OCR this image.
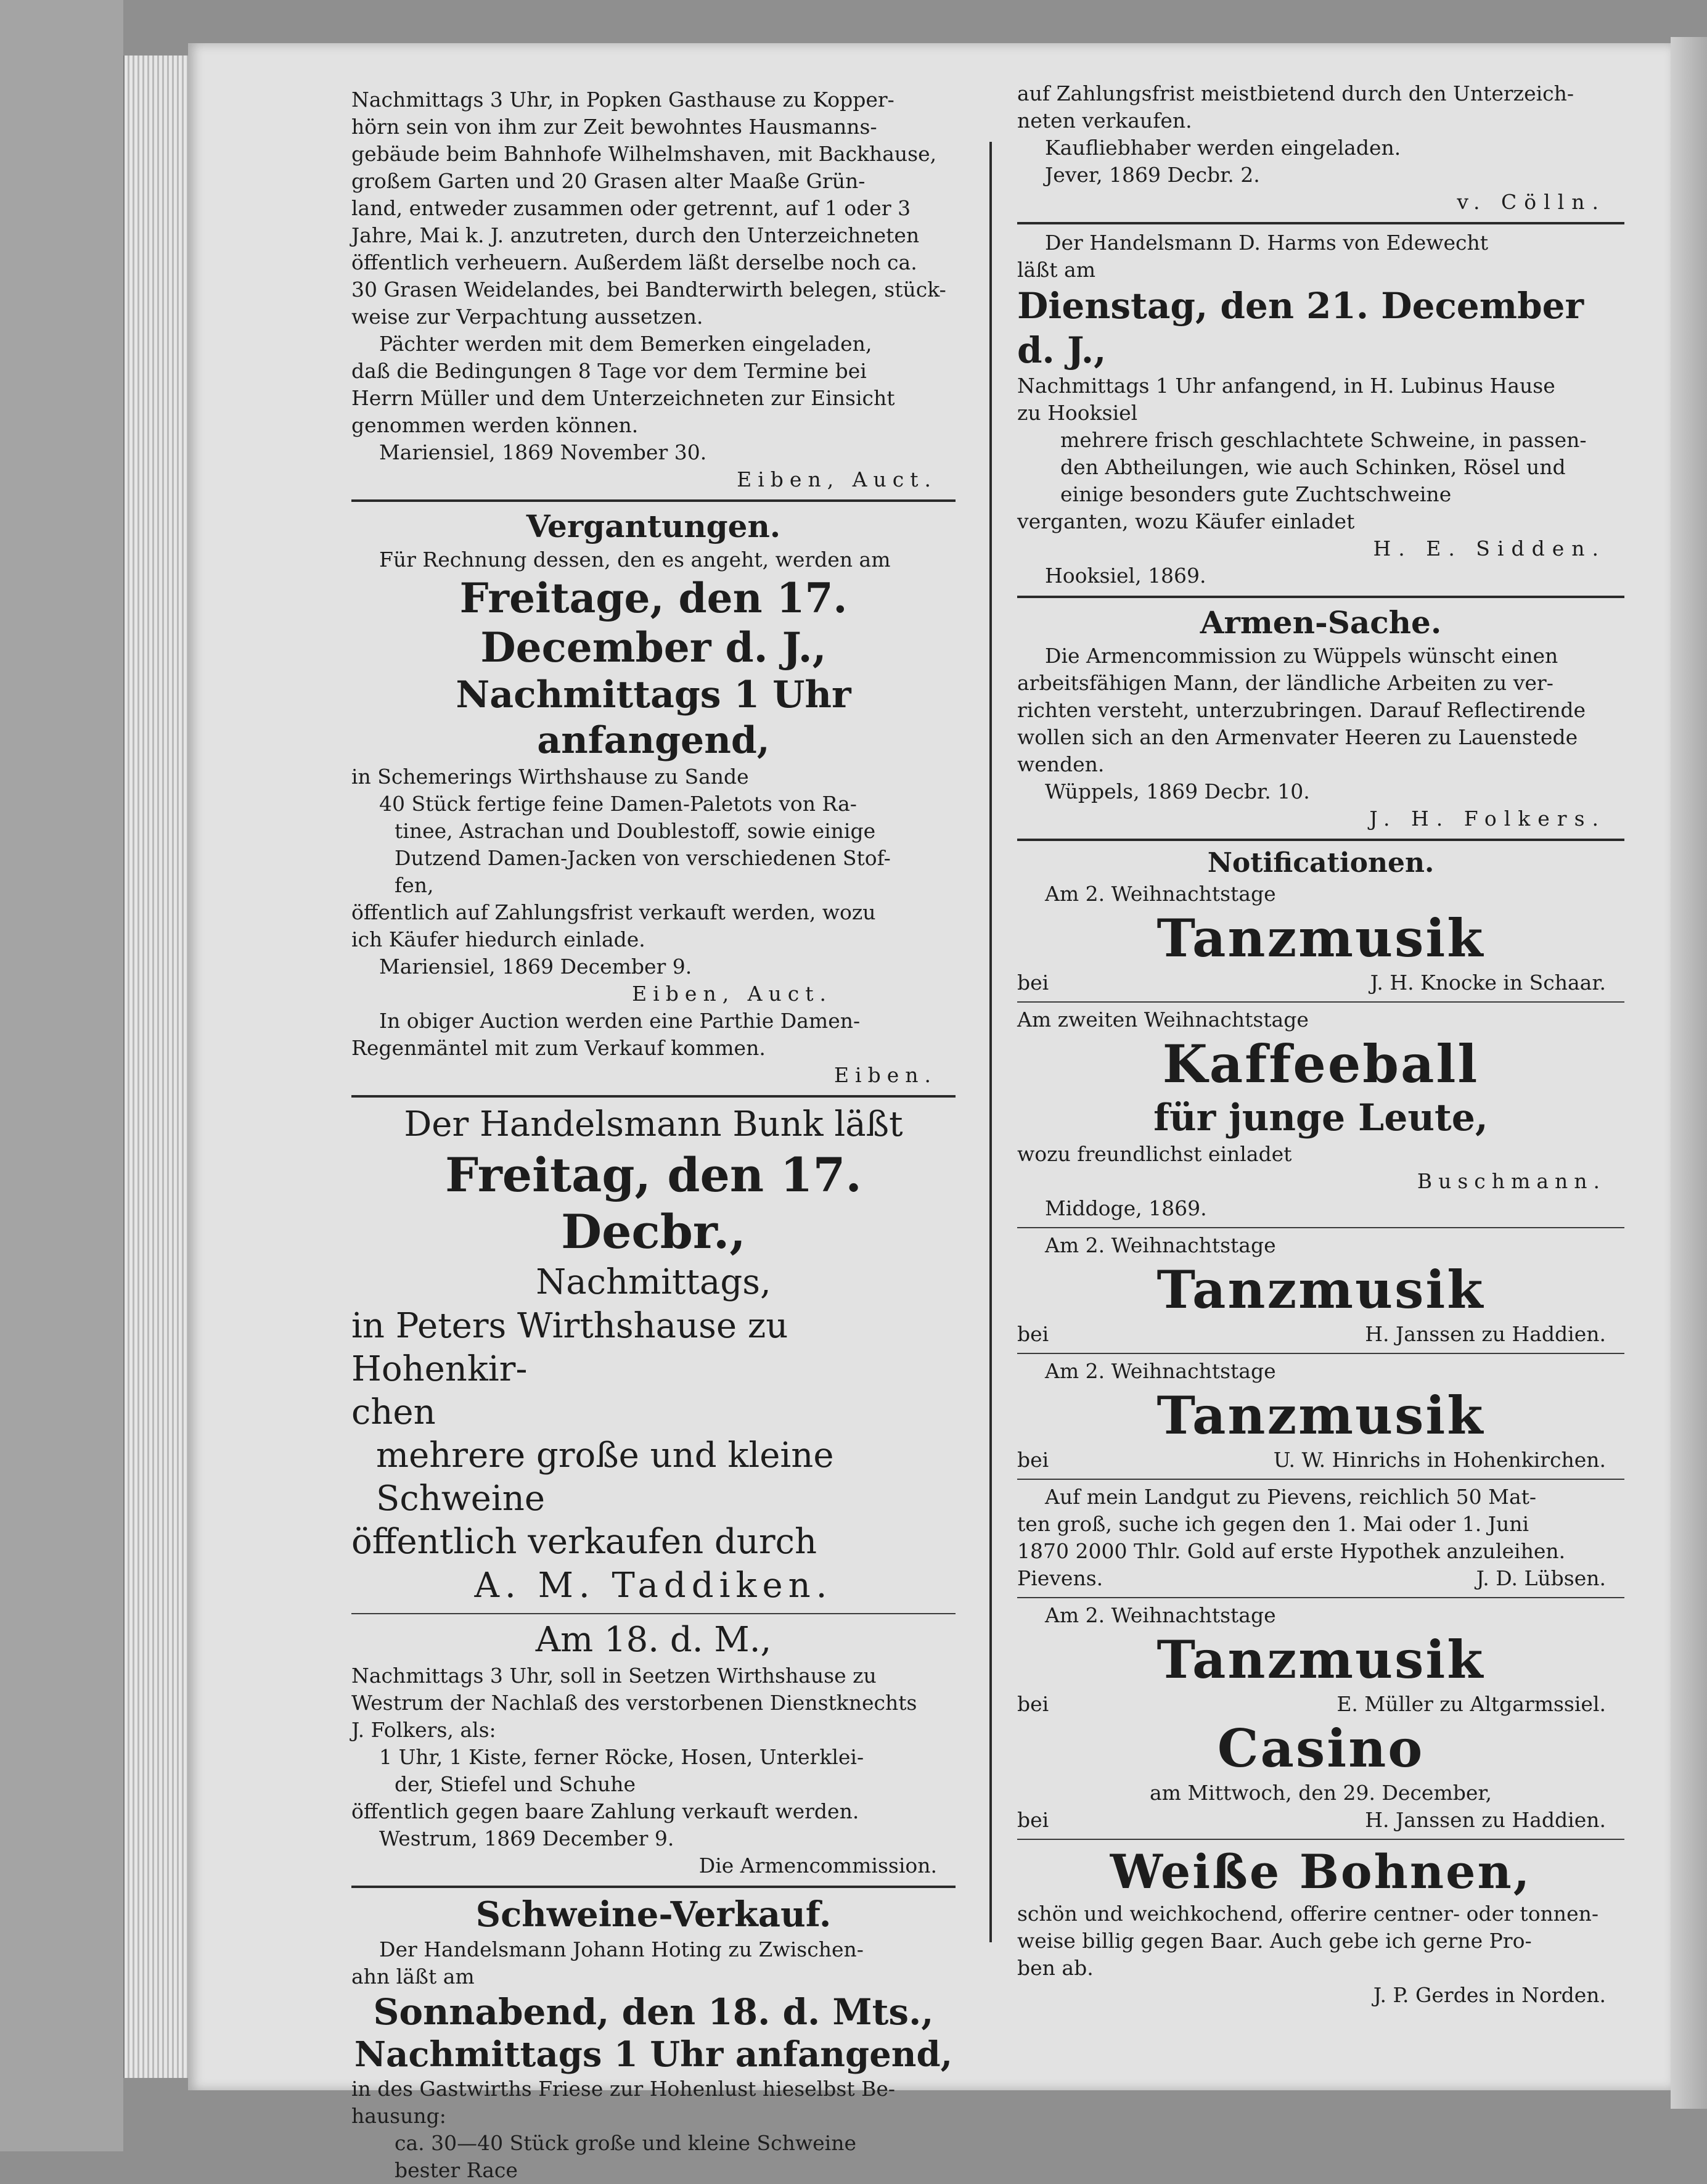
Nachmittags 3 Uhr, in Popken Gasthause zu Kopper-

hörn sein von ihm zur Zeit bewohntes Hausmanns-

gebäude beim Bahnhofe Wilhelmshaven, mit Backhause,

großem Garten und 20 Grasen alter Maaße Grün-

land, entweder zusammen oder getrennt, auf 1 oder 3

Jahre, Mai k. J. anzutreten, durch den Unterzeichneten

öffentlich verheuern. Außerdem läßt derselbe noch ca.

30 Grasen Weidelandes, bei Bandterwirth belegen, stück-

weise zur Verpachtung aussetzen.

Pächter werden mit dem Bemerken eingeladen,

daß die Bedingungen 8 Tage vor dem Termine bei

Herrn Müller und dem Unterzeichneten zur Einsicht

genommen werden können.

Mariensiel, 1869 November 30.

Eiben, Auct.

Vergantungen.

Für Rechnung dessen, den es angeht, werden am

Freitage, den 17. December d. J.,

Nachmittags 1 Uhr anfangend,

in Schemerings Wirthshause zu Sande

40 Stück fertige feine Damen-Paletots von Ra-

tinee, Astrachan und Doublestoff, sowie einige

Dutzend Damen-Jacken von verschiedenen Stof-

fen,

öffentlich auf Zahlungsfrist verkauft werden, wozu

ich Käufer hiedurch einlade.

Mariensiel, 1869 December 9.

Eiben, Auct.

In obiger Auction werden eine Parthie Damen-

Regenmäntel mit zum Verkauf kommen.

Eiben.

Der Handelsmann Bunk läßt

Freitag, den 17. Decbr.,

Nachmittags,

in Peters Wirthshause zu Hohenkir-

chen

mehrere große und kleine Schweine

öffentlich verkaufen durch

A. M. Taddiken.

Am 18. d. M.,

Nachmittags 3 Uhr, soll in Seetzen Wirthshause zu

Westrum der Nachlaß des verstorbenen Dienstknechts

J. Folkers, als:

1 Uhr, 1 Kiste, ferner Röcke, Hosen, Unterklei-

der, Stiefel und Schuhe

öffentlich gegen baare Zahlung verkauft werden.

Westrum, 1869 December 9.

Die Armencommission.

Schweine-Verkauf.

Der Handelsmann Johann Hoting zu Zwischen-

ahn läßt am

Sonnabend, den 18. d. Mts.,

Nachmittags 1 Uhr anfangend,

in des Gastwirths Friese zur Hohenlust hieselbst Be-

hausung:

ca. 30—40 Stück große und kleine Schweine

bester Race

auf Zahlungsfrist meistbietend durch den Unterzeich-

neten verkaufen.

Kaufliebhaber werden eingeladen.

Jever, 1869 Decbr. 2.

v. Cölln.

Der Handelsmann D. Harms von Edewecht

läßt am

Dienstag, den 21. December d. J.,

Nachmittags 1 Uhr anfangend, in H. Lubinus Hause

zu Hooksiel

mehrere frisch geschlachtete Schweine, in passen-

den Abtheilungen, wie auch Schinken, Rösel und

einige besonders gute Zuchtschweine

verganten, wozu Käufer einladet

H. E. Sidden.

Hooksiel, 1869.

Armen-Sache.

Die Armencommission zu Wüppels wünscht einen

arbeitsfähigen Mann, der ländliche Arbeiten zu ver-

richten versteht, unterzubringen. Darauf Reflectirende

wollen sich an den Armenvater Heeren zu Lauenstede

wenden.

Wüppels, 1869 Decbr. 10.

J. H. Folkers.

Notificationen.

Am 2. Weihnachtstage

Tanzmusik

bei	J. H. Knocke in Schaar.

Am zweiten Weihnachtstage

Kaffeeball

für junge Leute,

wozu freundlichst einladet

Buschmann.

Middoge, 1869.

Am 2. Weihnachtstage

Tanzmusik

bei	H. Janssen zu Haddien.

Am 2. Weihnachtstage

Tanzmusik

bei	U. W. Hinrichs in Hohenkirchen.

Auf mein Landgut zu Pievens, reichlich 50 Mat-

ten groß, suche ich gegen den 1. Mai oder 1. Juni

1870 2000 Thlr. Gold auf erste Hypothek anzuleihen.

Pievens.	J. D. Lübsen.

Am 2. Weihnachtstage

Tanzmusik

bei	E. Müller zu Altgarmssiel.

Casino

am Mittwoch, den 29. December,

bei	H. Janssen zu Haddien.

Weiße Bohnen,

schön und weichkochend, offerire centner- oder tonnen-

weise billig gegen Baar. Auch gebe ich gerne Pro-

ben ab.

J. P. Gerdes in Norden.
